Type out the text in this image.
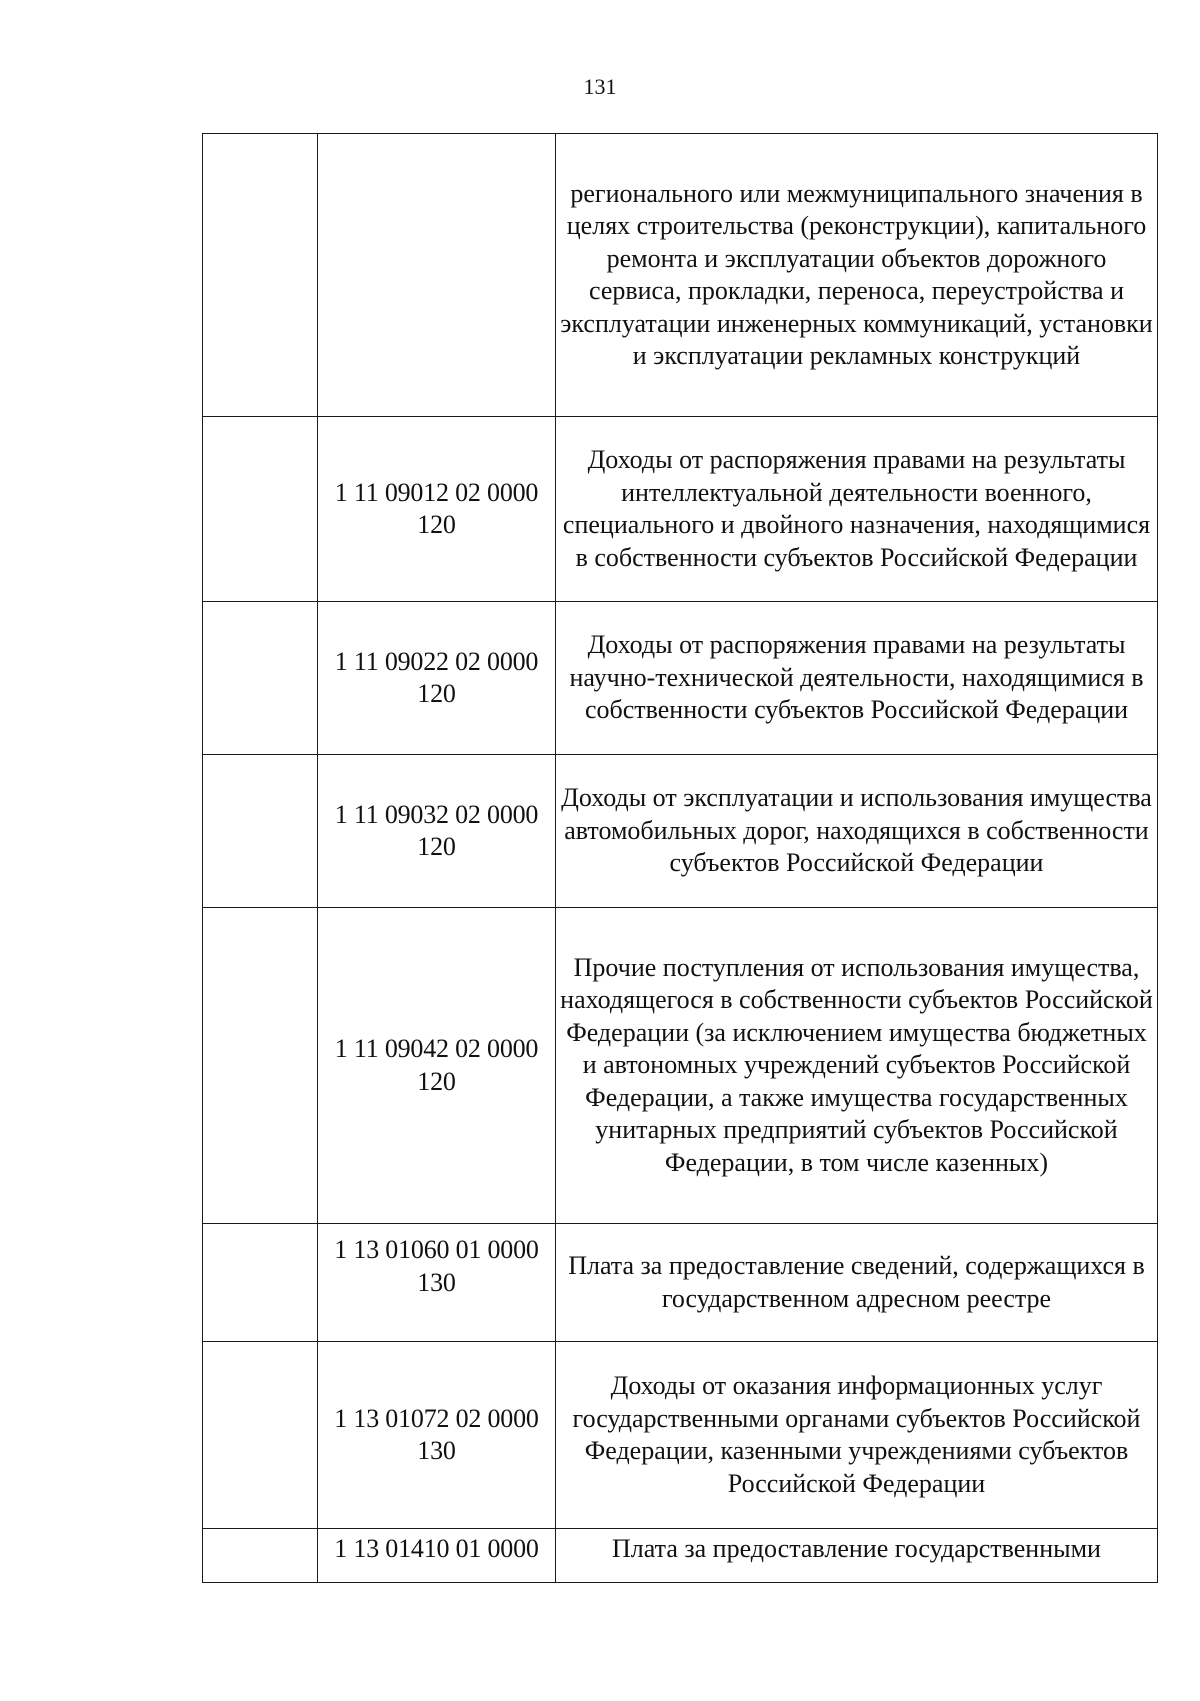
131
		регионального или межмуниципального значения в целях строительства (реконструкции), капитального ремонта и эксплуатации объектов дорожного сервиса, прокладки, переноса, переустройства и эксплуатации инженерных коммуникаций, установки и эксплуатации рекламных конструкций
	1 11 09012 02 0000 120	Доходы от распоряжения правами на результаты интеллектуальной деятельности военного, специального и двойного назначения, находящимися в собственности субъектов Российской Федерации
	1 11 09022 02 0000 120	Доходы от распоряжения правами на результаты научно-технической деятельности, находящимися в собственности субъектов Российской Федерации
	1 11 09032 02 0000 120	Доходы от эксплуатации и использования имущества автомобильных дорог, находящихся в собственности субъектов Российской Федерации
	1 11 09042 02 0000 120	Прочие поступления от использования имущества, находящегося в собственности субъектов Российской Федерации (за исключением имущества бюджетных и автономных учреждений субъектов Российской Федерации, а также имущества государственных унитарных предприятий субъектов Российской Федерации, в том числе казенных)
	1 13 01060 01 0000 130	Плата за предоставление сведений, содержащихся в государственном адресном реестре
	1 13 01072 02 0000 130	Доходы от оказания информационных услуг государственными органами субъектов Российской Федерации, казенными учреждениями субъектов Российской Федерации
	1 13 01410 01 0000	Плата за предоставление государственными
